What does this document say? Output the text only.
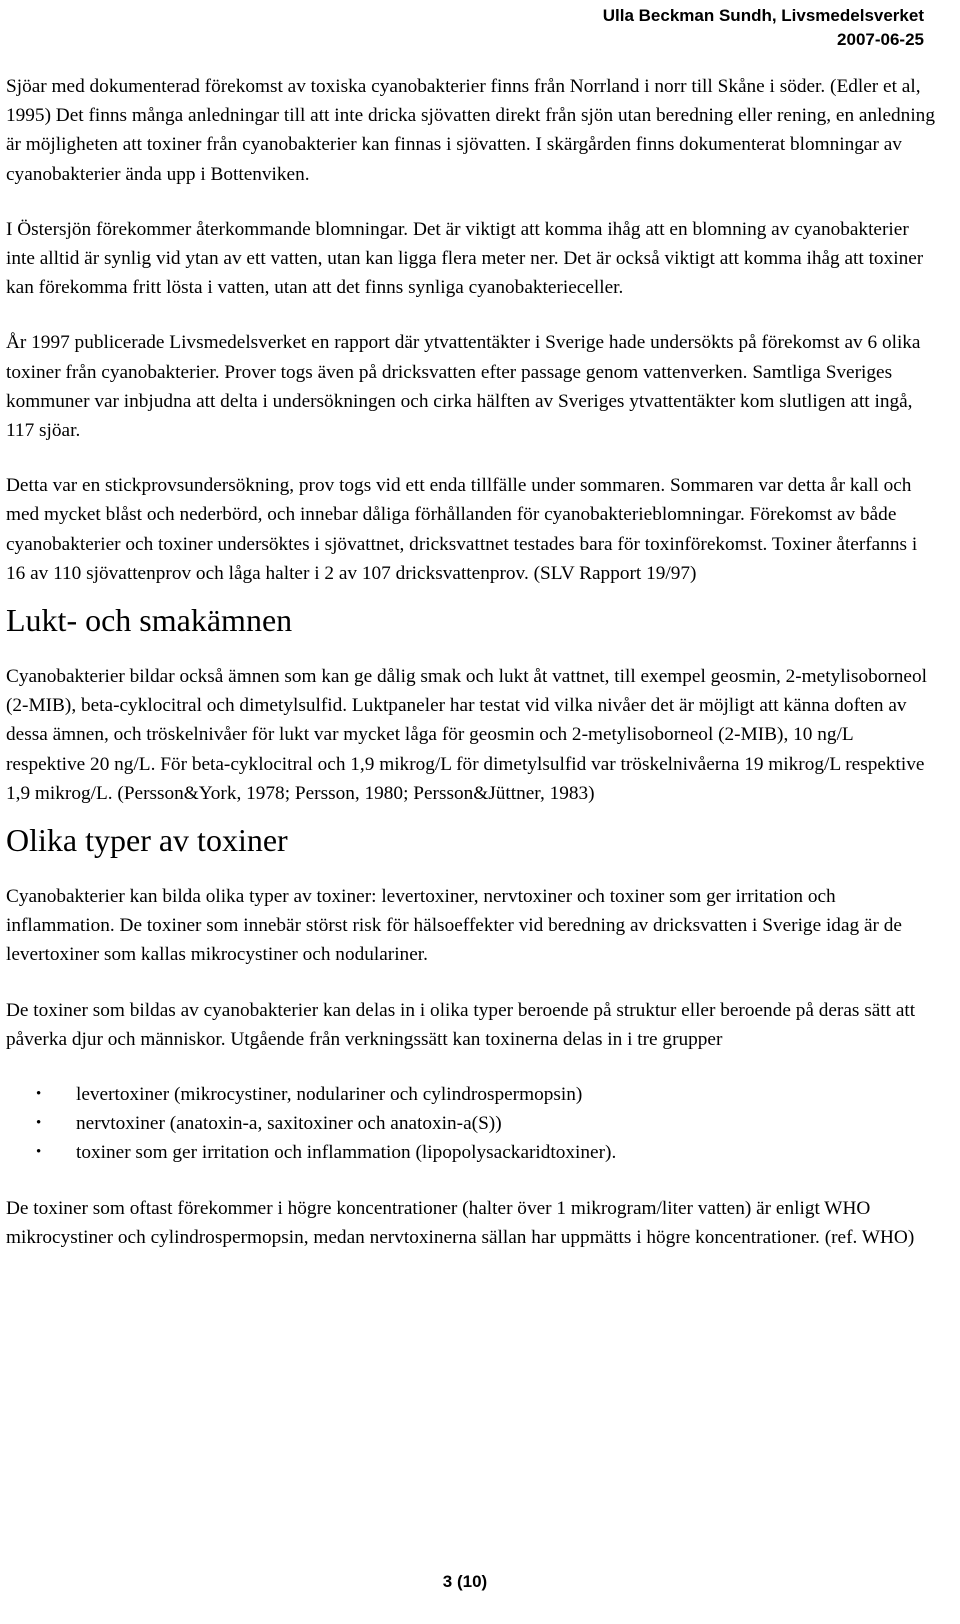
Ulla Beckman Sundh, Livsmedelsverket
2007-06-25

Sjöar med dokumenterad förekomst av toxiska cyanobakterier finns från Norrland i norr till Skåne i söder. (Edler et al, 1995) Det finns många anledningar till att inte dricka sjövatten direkt från sjön utan beredning eller rening, en anledning är möjligheten att toxiner från cyanobakterier kan finnas i sjövatten. I skärgården finns dokumenterat blomningar av cyanobakterier ända upp i Bottenviken.

I Östersjön förekommer återkommande blomningar. Det är viktigt att komma ihåg att en blomning av cyanobakterier inte alltid är synlig vid ytan av ett vatten, utan kan ligga flera meter ner. Det är också viktigt att komma ihåg att toxiner kan förekomma fritt lösta i vatten, utan att det finns synliga cyanobakterieceller.

År 1997 publicerade Livsmedelsverket en rapport där ytvattentäkter i Sverige hade undersökts på förekomst av 6 olika toxiner från cyanobakterier. Prover togs även på dricksvatten efter passage genom vattenverken. Samtliga Sveriges kommuner var inbjudna att delta i undersökningen och cirka hälften av Sveriges ytvattentäkter kom slutligen att ingå, 117 sjöar.

Detta var en stickprovsundersökning, prov togs vid ett enda tillfälle under sommaren. Sommaren var detta år kall och med mycket blåst och nederbörd, och innebar dåliga förhållanden för cyanobakterieblomningar. Förekomst av både cyanobakterier och toxiner undersöktes i sjövattnet, dricksvattnet testades bara för toxinförekomst. Toxiner återfanns i 16 av 110 sjövattenprov och låga halter i 2 av 107 dricksvattenprov. (SLV Rapport 19/97)

Lukt- och smakämnen

Cyanobakterier bildar också ämnen som kan ge dålig smak och lukt åt vattnet, till exempel geosmin, 2-metylisoborneol (2-MIB), beta-cyklocitral och dimetylsulfid. Luktpaneler har testat vid vilka nivåer det är möjligt att känna doften av dessa ämnen, och tröskelnivåer för lukt var mycket låga för geosmin och 2-metylisoborneol (2-MIB), 10 ng/L respektive 20 ng/L. För beta-cyklocitral och 1,9 mikrog/L för dimetylsulfid var tröskelnivåerna 19 mikrog/L respektive 1,9 mikrog/L. (Persson&York, 1978; Persson, 1980; Persson&Jüttner, 1983)

Olika typer av toxiner

Cyanobakterier kan bilda olika typer av toxiner: levertoxiner, nervtoxiner och toxiner som ger irritation och inflammation. De toxiner som innebär störst risk för hälsoeffekter vid beredning av dricksvatten i Sverige idag är de levertoxiner som kallas mikrocystiner och nodulariner.

De toxiner som bildas av cyanobakterier kan delas in i olika typer beroende på struktur eller beroende på deras sätt att påverka djur och människor. Utgående från verkningssätt kan toxinerna delas in i tre grupper

• levertoxiner (mikrocystiner, nodulariner och cylindrospermopsin)
• nervtoxiner (anatoxin-a, saxitoxiner och anatoxin-a(S))
• toxiner som ger irritation och inflammation (lipopolysackaridtoxiner).

De toxiner som oftast förekommer i högre koncentrationer (halter över 1 mikrogram/liter vatten) är enligt WHO mikrocystiner och cylindrospermopsin, medan nervtoxinerna sällan har uppmätts i högre koncentrationer. (ref. WHO)

3 (10)
